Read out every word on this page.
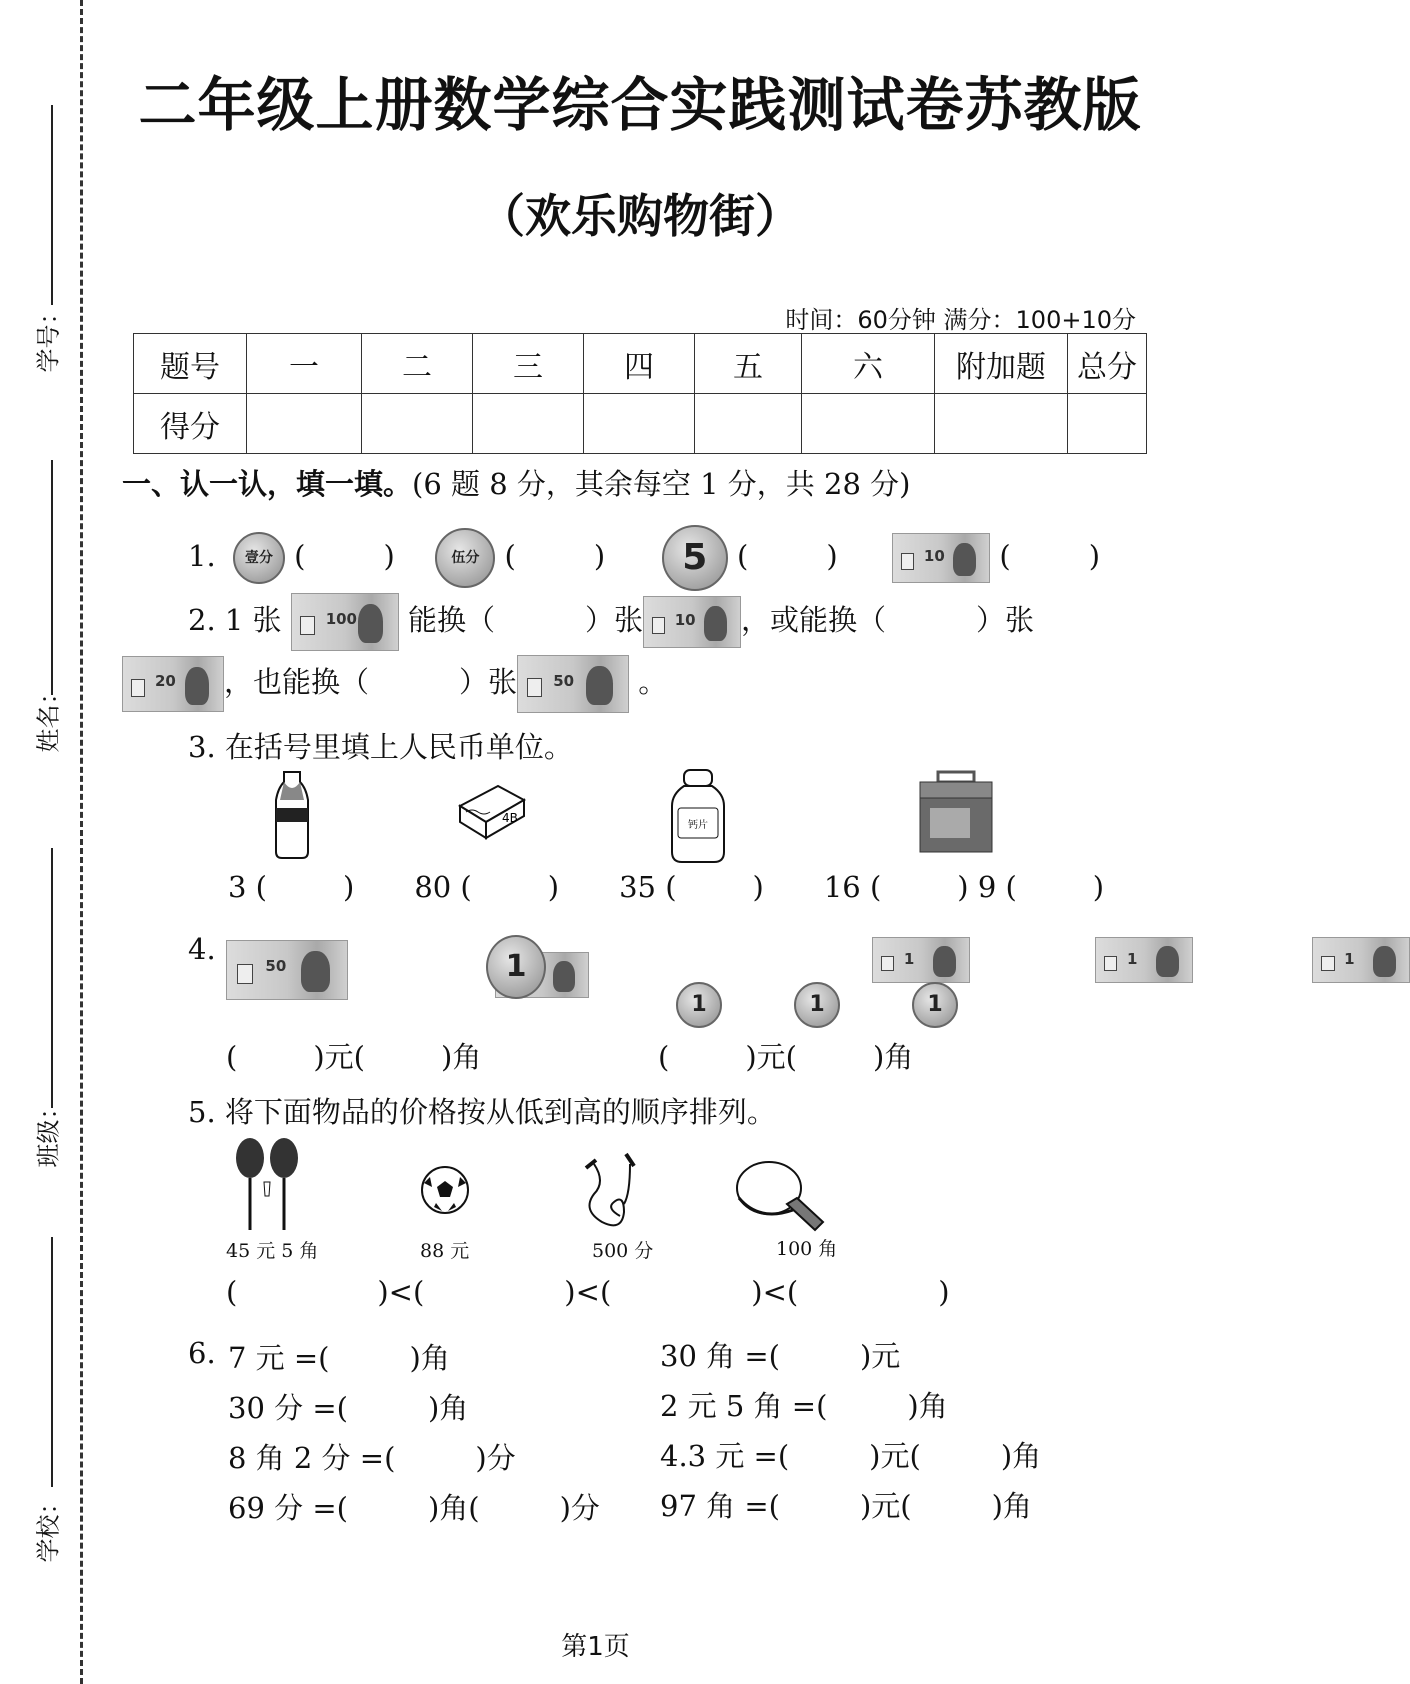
学号：
姓名：
班级：
学校：
二年级上册数学综合实践测试卷苏教版
（欢乐购物街）
时间：60分钟 满分：100+10分
题号	一	二	三	四	五	六	附加题	总分
得分								
一、认一认，填一填。(6 题 8 分，其余每空 1 分，共 28 分)
1. 壹分 (	)	伍分 (	) 5 (	)	10 (	)
2. 1 张	100 能换（	）张 10 ，或能换（	）张
20 ，也能换（	）张 50 。
3. 在括号里填上人民币单位。
4B
钙片
3 (	) 80 (	) 35 (	) 16 (	) 9 (	)
4.
50

	1	1
	1
	1
1	1	1
(	)元(	)角	(	)元(	)角
5. 将下面物品的价格按从低到高的顺序排列。
45 元 5 角	88 元	500 分	100 角
(	)<(	)<(	)<(	)
6. 7 元 =(	)角
30 分 =(	)角
8 角 2 分 =(	)分
69 分 =(	)角(	)分
30 角 =(	)元
2 元 5 角 =(	)角
4.3 元 =(	)元(	)角
97 角 =(	)元(	)角
第1页
